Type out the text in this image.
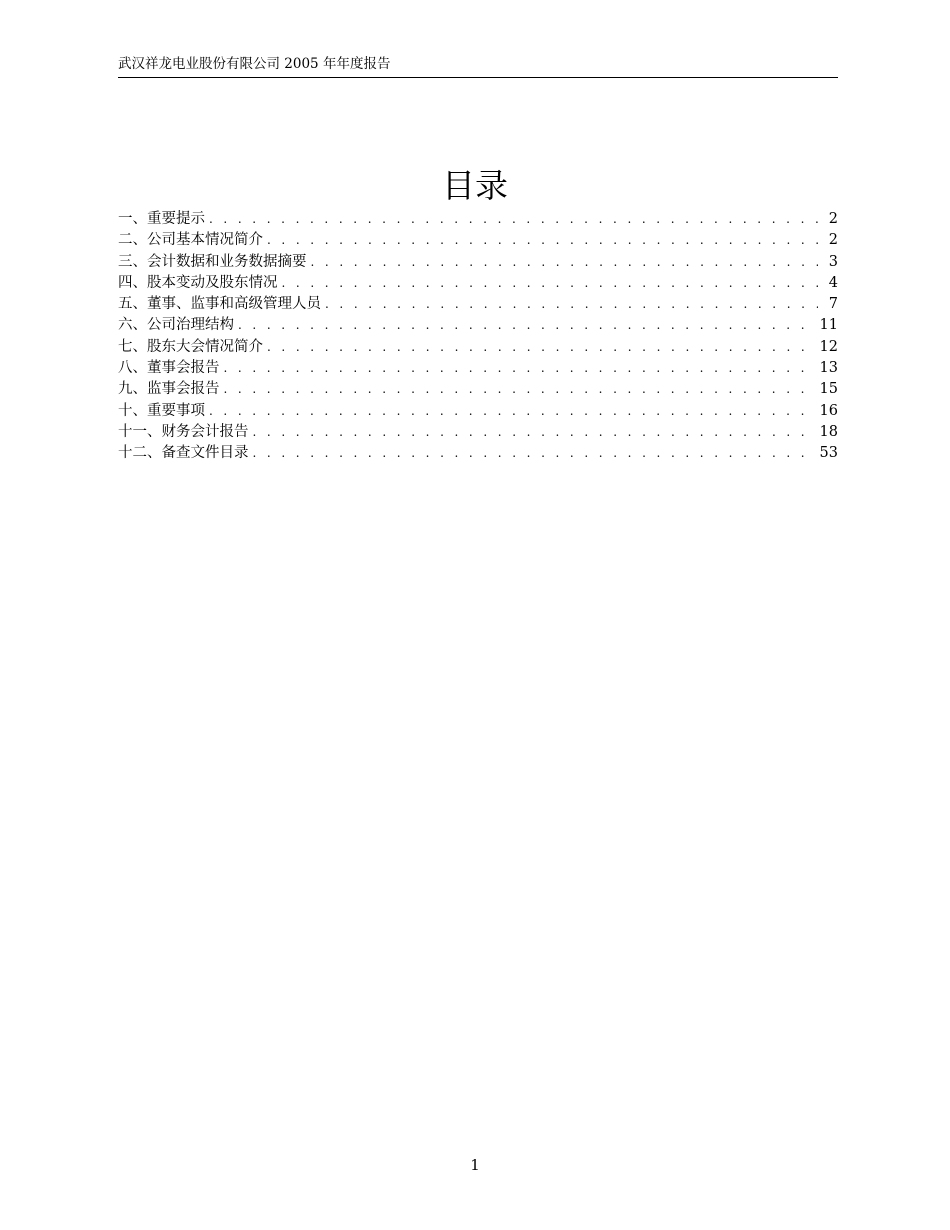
武汉祥龙电业股份有限公司 2005 年年度报告
目录
一、重要提示 . . .	2
二、公司基本情况简介 . . .	2
三、会计数据和业务数据摘要 . . .	3
四、股本变动及股东情况 . . .	4
五、董事、监事和高级管理人员 . . .	7
六、公司治理结构 . . .	11
七、股东大会情况简介 . . .	12
八、董事会报告 . . .	13
九、监事会报告 . . .	15
十、重要事项 . . .	16
十一、财务会计报告 . . .	18
十二、备查文件目录 . . .	53
1
